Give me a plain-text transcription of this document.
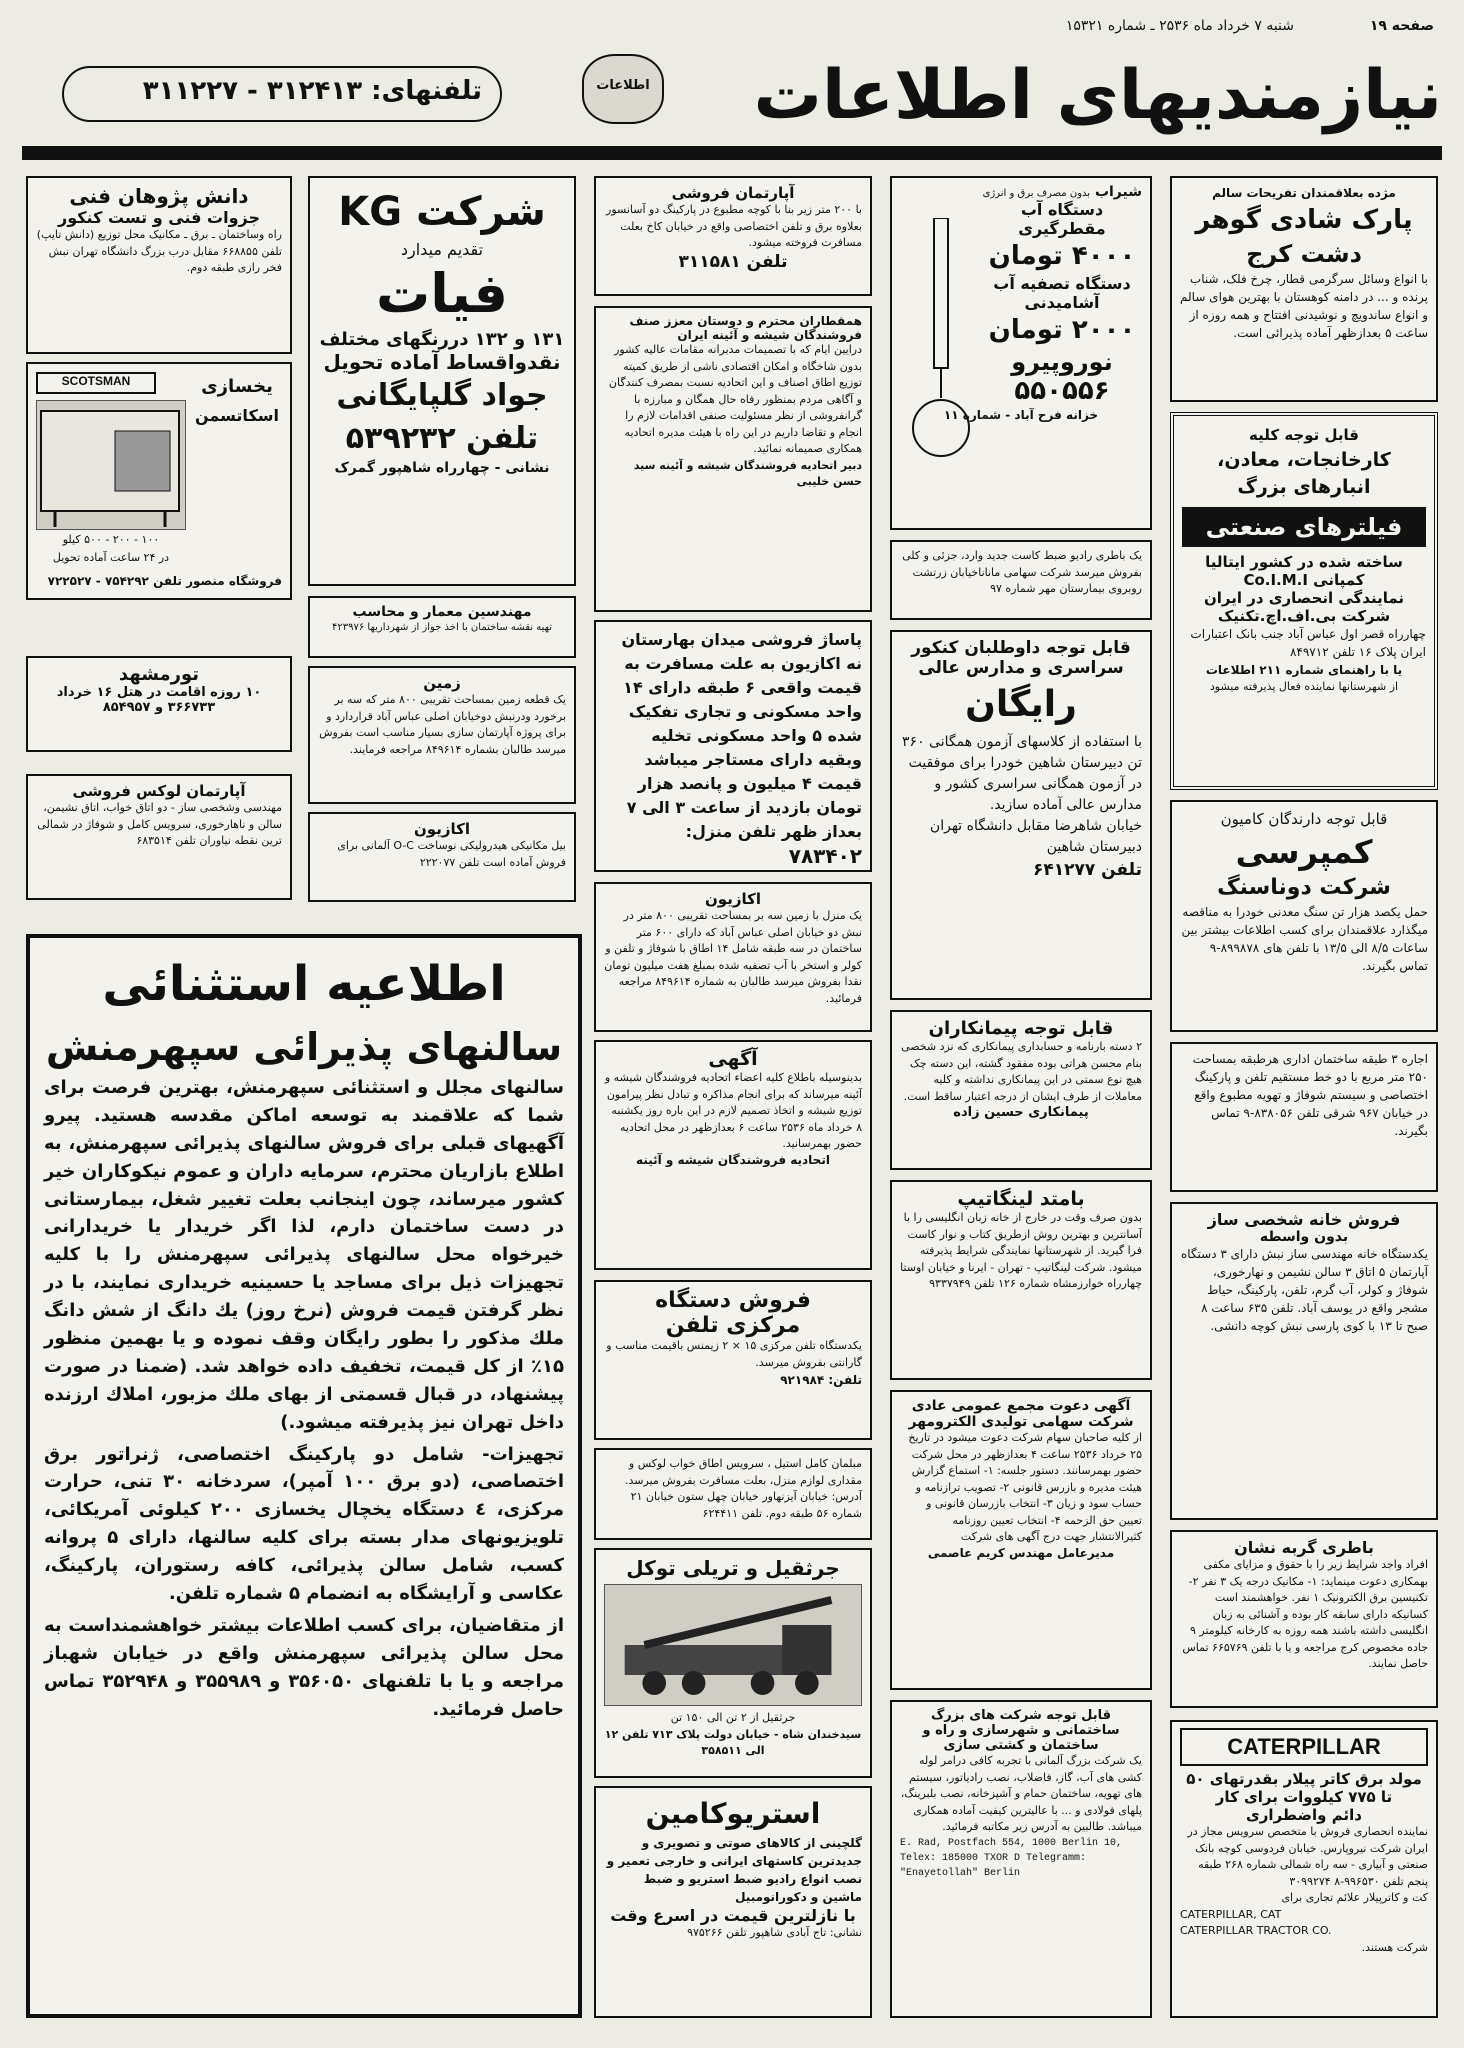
صفحه ۱۹
شنبه ۷ خرداد ماه ۲۵۳۶ ـ شماره ۱۵۳۲۱
نیازمندیهای اطلاعات
اطلاعات
تلفنهای: ۳۱۲۴۱۳ - ۳۱۱۲۲۷
مژده بعلاقمندان تفریحات سالم
پارک شادی گوهر
دشت کرج
با انواع وسائل سرگرمی قطار، چرخ فلک، شناب پرنده و ... در دامنه کوهستان با بهترین هوای سالم و انواع ساندویچ و نوشیدنی افتتاح و همه روزه از ساعت ۵ بعدازظهر آماده پذیرائی است.
قابل توجه کلیه
کارخانجات، معادن، انبارهای بزرگ
فیلترهای صنعتی
ساخته شده در کشور ایتالیا
کمپانی Co.I.M.I
نمایندگی انحصاری در ایران
شرکت بی.اف.اچ.تکنیک
چهارراه قصر اول عباس آباد جنب بانک اعتبارات ایران پلاک ۱۶ تلفن ۸۴۹۷۱۲
یا با راهنمای شماره ۲۱۱ اطلاعات
از شهرستانها نماینده فعال پذیرفته میشود
قابل توجه دارندگان کامیون
کمپرسی
شرکت دوناسنگ
حمل یکصد هزار تن سنگ معدنی خودرا به مناقصه میگذارد علاقمندان برای کسب اطلاعات بیشتر بین ساعات ۸/۵ الی ۱۳/۵ با تلفن های ۸۹۹۸۷۸-۹ تماس بگیرند.
اجاره ۳ طبقه ساختمان اداری هرطبقه بمساحت ۲۵۰ متر مربع با دو خط مستقیم تلفن و پارکینگ اختصاصی و سیستم شوفاژ و تهویه مطبوع واقع در خیابان ۹۶۷ شرقی تلفن ۸۳۸۰۵۶-۹ تماس بگیرند.
فروش خانه شخصی ساز
بدون واسطه
یکدستگاه خانه مهندسی ساز نبش دارای ۳ دستگاه آپارتمان ۵ اتاق ۳ سالن نشیمن و نهارخوری، شوفاژ و کولر، آب گرم، تلفن، پارکینگ، حیاط مشجر واقع در یوسف آباد. تلفن ۶۳۵ ساعت ۸ صبح تا ۱۳ با کوی پارسی نبش کوچه دانشی.
باطری گربه نشان
افراد واجد شرایط زیر را با حقوق و مزایای مکفی بهمکاری دعوت مینماید: ۱- مکانیک درجه یک ۳ نفر ۲- تکنیسین برق الکترونیک ۱ نفر. خواهشمند است کسانیکه دارای سابقه کار بوده و آشنائی به زبان انگلیسی داشته باشند همه روزه به کارخانه کیلومتر ۹ جاده مخصوص کرج مراجعه و یا با تلفن ۶۶۵۷۶۹ تماس حاصل نمایند.
CATERPILLAR
مولد برق کاتر پیلار بقدرتهای ۵۰
تا ۷۷۵ کیلووات برای کار
دائم واضطراری
نماینده انحصاری فروش با متخصص سرویس مجاز در ایران شرکت نیروپارس. خیابان فردوسی کوچه بانک صنعتی و آبیاری - سه راه شمالی شماره ۲۶۸ طبقه پنجم تلفن ۹۹۶۵۳۰-۸ ۳۰۹۹۲۷۴
کت و کاترپیلار علائم تجاری برای
CATERPILLAR, CAT
CATERPILLAR TRACTOR CO.
شرکت هستند.
شیراب بدون مصرف برق و انرژی
دستگاه آب مقطرگیری
۴۰۰۰ تومان
دستگاه تصفیه آب آشامیدنی
۲۰۰۰ تومان
نوروپیرو
۵۵۰۵۵۶
خزانه فرح آباد - شماره ۱۱
یک باطری رادیو ضبط کاست جدید وارد، جزئی و کلی بفروش میرسد شرکت سهامی ماناناخیابان زرتشت روبروی بیمارستان مهر شماره ۹۷
قابل توجه داوطلبان کنکور
سراسری و مدارس عالی
رایگان
با استفاده از کلاسهای آزمون همگانی ۳۶۰ تن دبیرستان شاهین خودرا برای موفقیت در آزمون همگانی سراسری کشور و مدارس عالی آماده سازید.
خیابان شاهرضا مقابل دانشگاه تهران دبیرستان شاهین
تلفن ۶۴۱۲۷۷
قابل توجه پیمانکاران
۲ دسته بارنامه و حسابداری پیمانکاری که نزد شخصی بنام محسن هراتی بوده مفقود گشته، این دسته چک هیچ نوع سمتی در این پیمانکاری نداشته و کلیه معاملات از طرف ایشان از درجه اعتبار ساقط است.
پیمانکاری حسین زاده
بامتد لینگاتیپ
بدون صرف وقت در خارج از خانه زبان انگلیسی را با آسانترین و بهترین روش ازطریق کتاب و نوار کاست فرا گیرید. از شهرستانها نمایندگی شرایط پذیرفته میشود. شرکت لینگاتیپ - تهران - ایرنا و خیابان اوستا چهارراه خوارزمشاه شماره ۱۲۶ تلفن ۹۳۳۷۹۴۹
آگهی دعوت مجمع عمومی عادی
شرکت سهامی تولیدی الکترومهر
از کلیه صاحبان سهام شرکت دعوت میشود در تاریخ ۲۵ خرداد ۲۵۳۶ ساعت ۴ بعدازظهر در محل شرکت حضور بهمرسانند. دستور جلسه: ۱- استماع گزارش هیئت مدیره و بازرس قانونی ۲- تصویب ترازنامه و حساب سود و زیان ۳- انتخاب بازرسان قانونی و تعیین حق الزحمه ۴- انتخاب تعیین روزنامه کثیرالانتشار جهت درج آگهی های شرکت
مدیرعامل مهندس کریم عاصمی
قابل توجه شرکت های بزرگ ساختمانی و شهرسازی و راه و ساختمان و کشتی سازی
یک شرکت بزرگ آلمانی با تجربه کافی درامر لوله کشی های آب، گاز، فاضلاب، نصب رادیاتور، سیستم های تهویه، ساختمان حمام و آشپزخانه، نصب بلبرینگ، پلهای فولادی و ... با عالیترین کیفیت آماده همکاری میباشد. طالبین به آدرس زیر مکاتبه فرمائید.
E. Rad, Postfach 554, 1000 Berlin 10, Telex: 185000 TXOR D Telegramm: "Enayetollah" Berlin
آپارتمان فروشی
با ۲۰۰ متر زیر بنا با کوچه مطبوع در پارکینگ دو آسانسور بعلاوه برق و تلفن اختصاصی واقع در خیابان کاخ بعلت مسافرت فروخته میشود.
تلفن ۳۱۱۵۸۱
همقطاران محترم و دوستان معزز صنف فروشندگان شیشه و آئینه ایران
درایین ایام که با تصمیمات مدبرانه مقامات عالیه کشور بدون شاخگاه و امکان اقتصادی ناشی از طریق کمیته توزیع اطاق اصناف و این اتحادیه نسبت بمصرف کنندگان و آگاهی مردم بمنظور رفاه حال همگان و مبارزه با گرانفروشی از نظر مسئولیت صنفی اقدامات لازم را انجام و تقاضا داریم در این راه با هیئت مدیره اتحادیه همکاری صمیمانه نمائید.
دبیر اتحادیه فروشندگان شیشه و آئینه سید حسن خلیبی
پاساژ فروشی میدان بهارستان نه اکازیون به علت مسافرت به قیمت واقعی ۶ طبقه دارای ۱۴ واحد مسکونی و تجاری تفکیک شده ۵ واحد مسکونی تخلیه وبقیه دارای مستاجر میباشد قیمت ۴ میلیون و پانصد هزار تومان بازدید از ساعت ۳ الی ۷ بعداز ظهر تلفن منزل:
۷۸۳۴۰۲
اکازیون
یک منزل با زمین سه بر بمساحت تقریبی ۸۰۰ متر در نبش دو خیابان اصلی عباس آباد که دارای ۶۰۰ متر ساختمان در سه طبقه شامل ۱۴ اطاق با شوفاژ و تلفن و کولر و استخر با آب تصفیه شده بمبلغ هفت میلیون تومان نقدا بفروش میرسد طالبان به شماره ۸۴۹۶۱۴ مراجعه فرمائید.
آگهی
بدینوسیله باطلاع کلیه اعضاء اتحادیه فروشندگان شیشه و آئینه میرساند که برای انجام مذاکره و تبادل نظر پیرامون توزیع شیشه و اتخاذ تصمیم لازم در این باره روز یکشنبه ۸ خرداد ماه ۲۵۳۶ ساعت ۶ بعدازظهر در محل اتحادیه حضور بهمرسانید.
اتحادیه فروشندگان شیشه و آئینه
فروش دستگاه
مرکزی تلفن
یکدستگاه تلفن مرکزی ۱۵ × ۲ زیمنس باقیمت مناسب و گارانتی بفروش میرسد.
تلفن: ۹۲۱۹۸۴
مبلمان کامل استیل ، سرویس اطاق خواب لوکس و مقداری لوازم منزل، بعلت مسافرت بفروش میرسد. آدرس: خیابان آیزنهاور خیابان چهل ستون خیابان ۲۱ شماره ۵۶ طبقه دوم. تلفن ۶۲۴۴۱۱
جرثقیل و تریلی توکل
جرثقیل از ۲ تن الی ۱۵۰ تن
سیدخندان شاه - خیابان دولت پلاک ۷۱۳ تلفن ۱۲ الی ۳۵۸۵۱۱
استریوکامین
گلچینی از کالاهای صوتی و تصویری و جدیدترین کاستهای ایرانی و خارجی تعمیر و نصب انواع رادیو ضبط استریو و ضبط ماشین و دکورانومبیل
با نازلترین قیمت در اسرع وقت
نشانی: تاج آبادی شاهپور تلفن ۹۷۵۲۶۶
شرکت KG
تقدیم میدارد
فیات
۱۳۱ و ۱۳۲ دررنگهای مختلف
نقدواقساط آماده تحویل
جواد گلپایگانی
تلفن ۵۳۹۲۳۲
نشانی - چهارراه شاهپور گمرک
مهندسین معمار و محاسب
تهیه نقشه ساختمان با اخذ جواز از شهرداریها ۴۲۳۹۷۶
زمین
یک قطعه زمین بمساحت تقریبی ۸۰۰ متر که سه بر برخورد ودرنبش دوخیابان اصلی عباس آباد قراردارد و برای پروژه آپارتمان سازی بسیار مناسب است بفروش میرسد طالبان بشماره ۸۴۹۶۱۴ مراجعه فرمایند.
اکازیون
بیل مکانیکی هیدرولیکی نوساخت O-C آلمانی برای فروش آماده است تلفن ۲۲۲۰۷۷
دانش پژوهان فنی
جزوات فنی و تست کنکور
راه وساختمان ـ برق ـ مکانیک محل توزیع (دانش تایپ) تلفن ۶۶۸۸۵۵ مقابل درب بزرگ دانشگاه تهران نبش فخر رازی طبقه دوم.
SCOTSMAN	یخسازی
اسکاتسمن
۱۰۰ - ۲۰۰ - ۵۰۰ کیلو
در ۲۴ ساعت آماده تحویل
فروشگاه منصور تلفن ۷۵۴۲۹۲ - ۷۲۲۵۲۷
تورمشهد
۱۰ روزه اقامت در هتل ۱۶ خرداد
۳۶۶۷۳۳ و ۸۵۴۹۵۷
آپارتمان لوکس فروشی
مهندسی وشخصی ساز - دو اتاق خواب، اتاق نشیمن، سالن و ناهارخوری، سرویس کامل و شوفاژ در شمالی ترین نقطه نیاوران تلفن ۶۸۳۵۱۴
اطلاعیه استثنائی
سالنهای پذیرائی سپهرمنش
سالنهای مجلل و استثنائی سپهرمنش، بهترین فرصت برای شما که علاقمند به توسعه اماکن مقدسه هستید. پیرو آگهیهای قبلی برای فروش سالنهای پذیرائی سپهرمنش، به اطلاع بازاریان محترم، سرمایه داران و عموم نیکوکاران خیر کشور میرساند، چون اینجانب بعلت تغییر شغل، بیمارستانی در دست ساختمان دارم، لذا اگر خریدار یا خریدارانی خیرخواه محل سالنهای پذیرائی سپهرمنش را با کلیه تجهیزات ذیل برای مساجد یا حسینیه خریداری نمایند، با در نظر گرفتن قیمت فروش (نرخ روز) یك دانگ از شش دانگ ملك مذکور را بطور رایگان وقف نموده و یا بهمین منظور ۱۵٪ از کل قیمت، تخفیف داده خواهد شد. (ضمنا در صورت پیشنهاد، در قبال قسمتی از بهای ملك مزبور، املاك ارزنده داخل تهران نیز پذیرفته میشود.)
تجهیزات- شامل دو پارکینگ اختصاصی، ژنراتور برق اختصاصی، (دو برق ۱۰۰ آمپر)، سردخانه ۳۰ تنی، حرارت مرکزی، ٤ دستگاه یخچال یخسازی ۲۰۰ کیلوئی آمریکائی، تلویزیونهای مدار بسته برای کلیه سالنها، دارای ۵ پروانه کسب، شامل سالن پذیرائی، کافه رستوران، پارکینگ، عکاسی و آرایشگاه به انضمام ۵ شماره تلفن.
از متقاضیان، برای کسب اطلاعات بیشتر خواهشمنداست به محل سالن پذیرائی سپهرمنش واقع در خیابان شهباز مراجعه و یا با تلفنهای ۳۵۶۰۵۰ و ۳۵۵۹۸۹ و ۳۵۲۹۴۸ تماس حاصل فرمائید.
